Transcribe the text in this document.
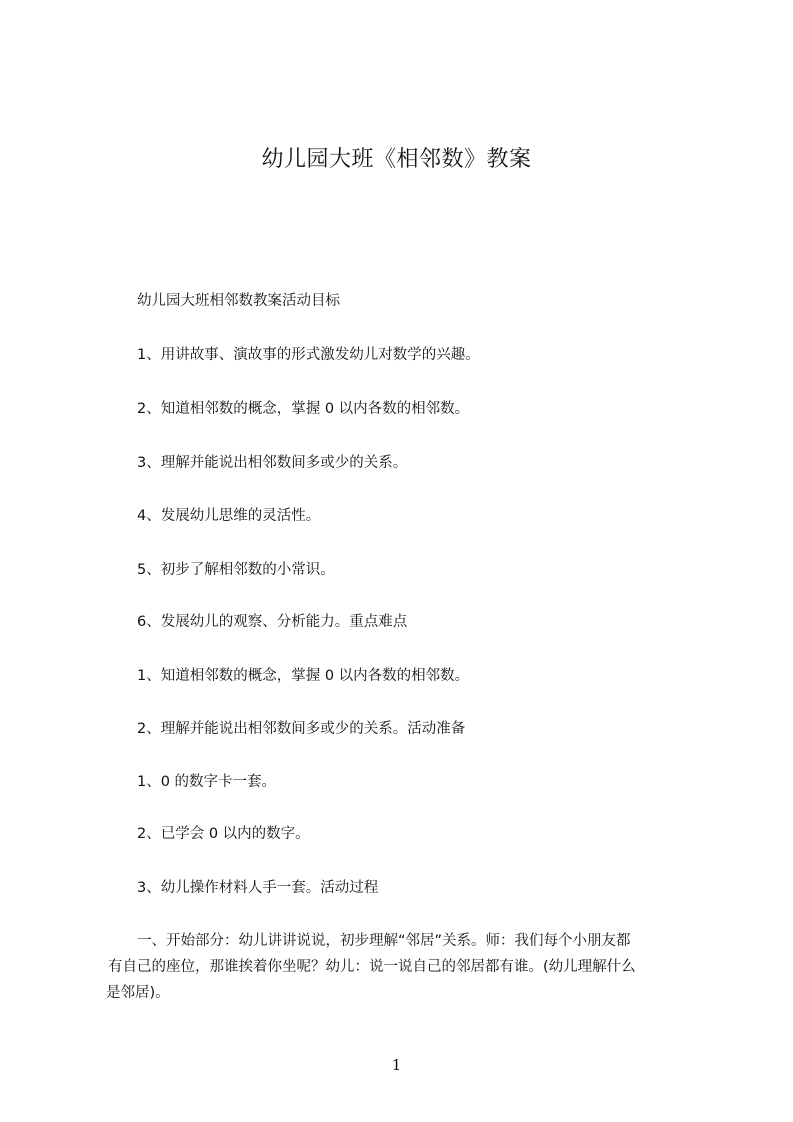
幼儿园大班《相邻数》教案

幼儿园大班相邻数教案活动目标

1、用讲故事、演故事的形式激发幼儿对数学的兴趣。

2、知道相邻数的概念，掌握 0 以内各数的相邻数。

3、理解并能说出相邻数间多或少的关系。

4、发展幼儿思维的灵活性。

5、初步了解相邻数的小常识。

6、发展幼儿的观察、分析能力。重点难点

1、知道相邻数的概念，掌握 0 以内各数的相邻数。

2、理解并能说出相邻数间多或少的关系。活动准备

1、0 的数字卡一套。

2、已学会 0 以内的数字。

3、幼儿操作材料人手一套。活动过程

一、开始部分：幼儿讲讲说说，初步理解“邻居”关系。师：我们每个小朋友都
有自己的座位，那谁挨着你坐呢？幼儿：说一说自己的邻居都有谁。(幼儿理解什么
是邻居)。
1
